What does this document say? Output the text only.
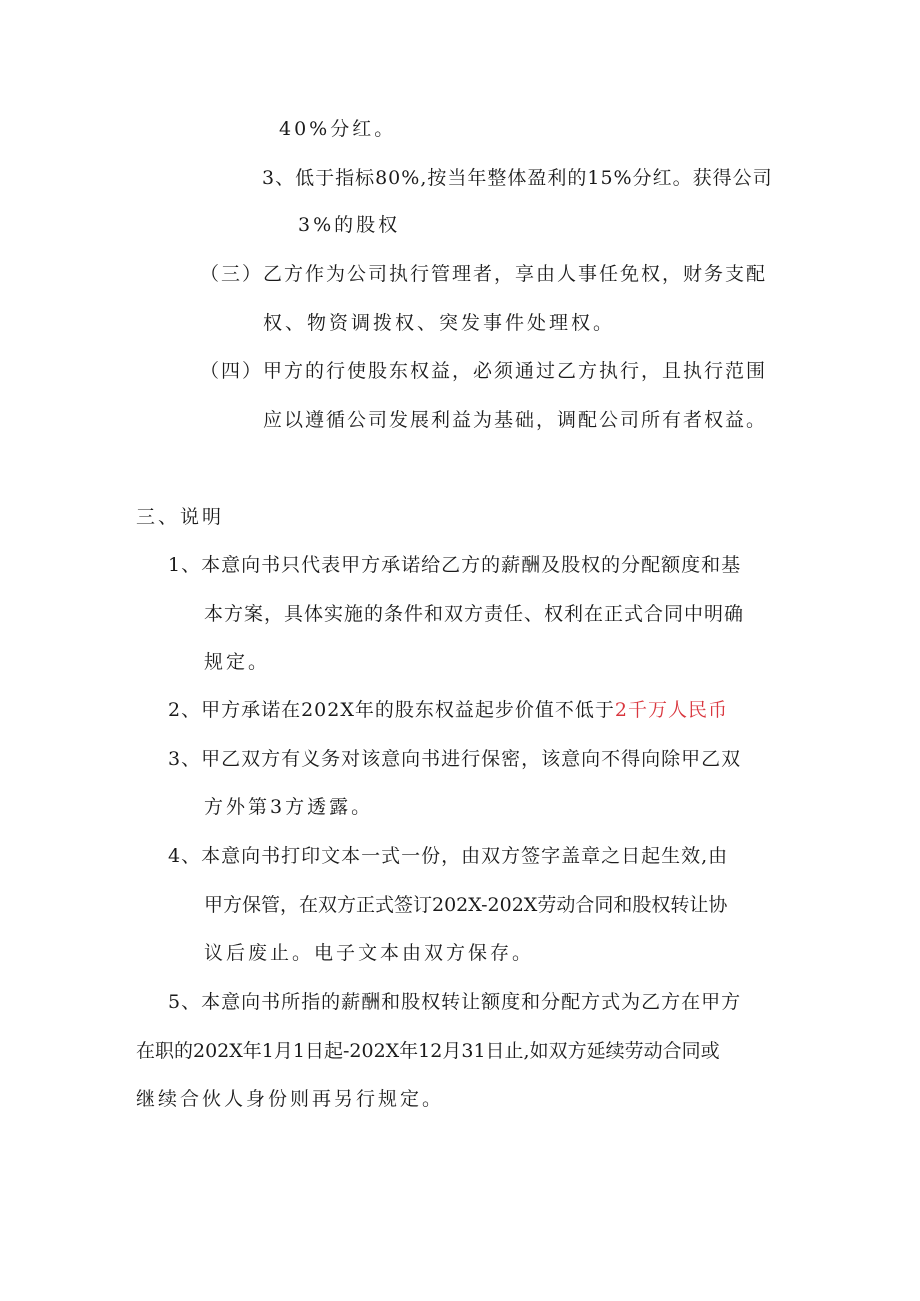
40%分红。
3、低于指标80%,按当年整体盈利的15%分红。获得公司
3%的股权
（三）乙方作为公司执行管理者，享由人事任免权，财务支配
权、物资调拨权、突发事件处理权。
（四）甲方的行使股东权益，必须通过乙方执行，且执行范围
应以遵循公司发展利益为基础，调配公司所有者权益。
三、说明
1、本意向书只代表甲方承诺给乙方的薪酬及股权的分配额度和基
本方案，具体实施的条件和双方责任、权利在正式合同中明确
规定。
2、甲方承诺在202X年的股东权益起步价值不低于2千万人民币
3、甲乙双方有义务对该意向书进行保密，该意向不得向除甲乙双
方外第3方透露。
4、本意向书打印文本一式一份，由双方签字盖章之日起生效,由
甲方保管，在双方正式签订202X-202X劳动合同和股权转让协
议后废止。电子文本由双方保存。
5、本意向书所指的薪酬和股权转让额度和分配方式为乙方在甲方
在职的202X年1月1日起-202X年12月31日止,如双方延续劳动合同或
继续合伙人身份则再另行规定。
